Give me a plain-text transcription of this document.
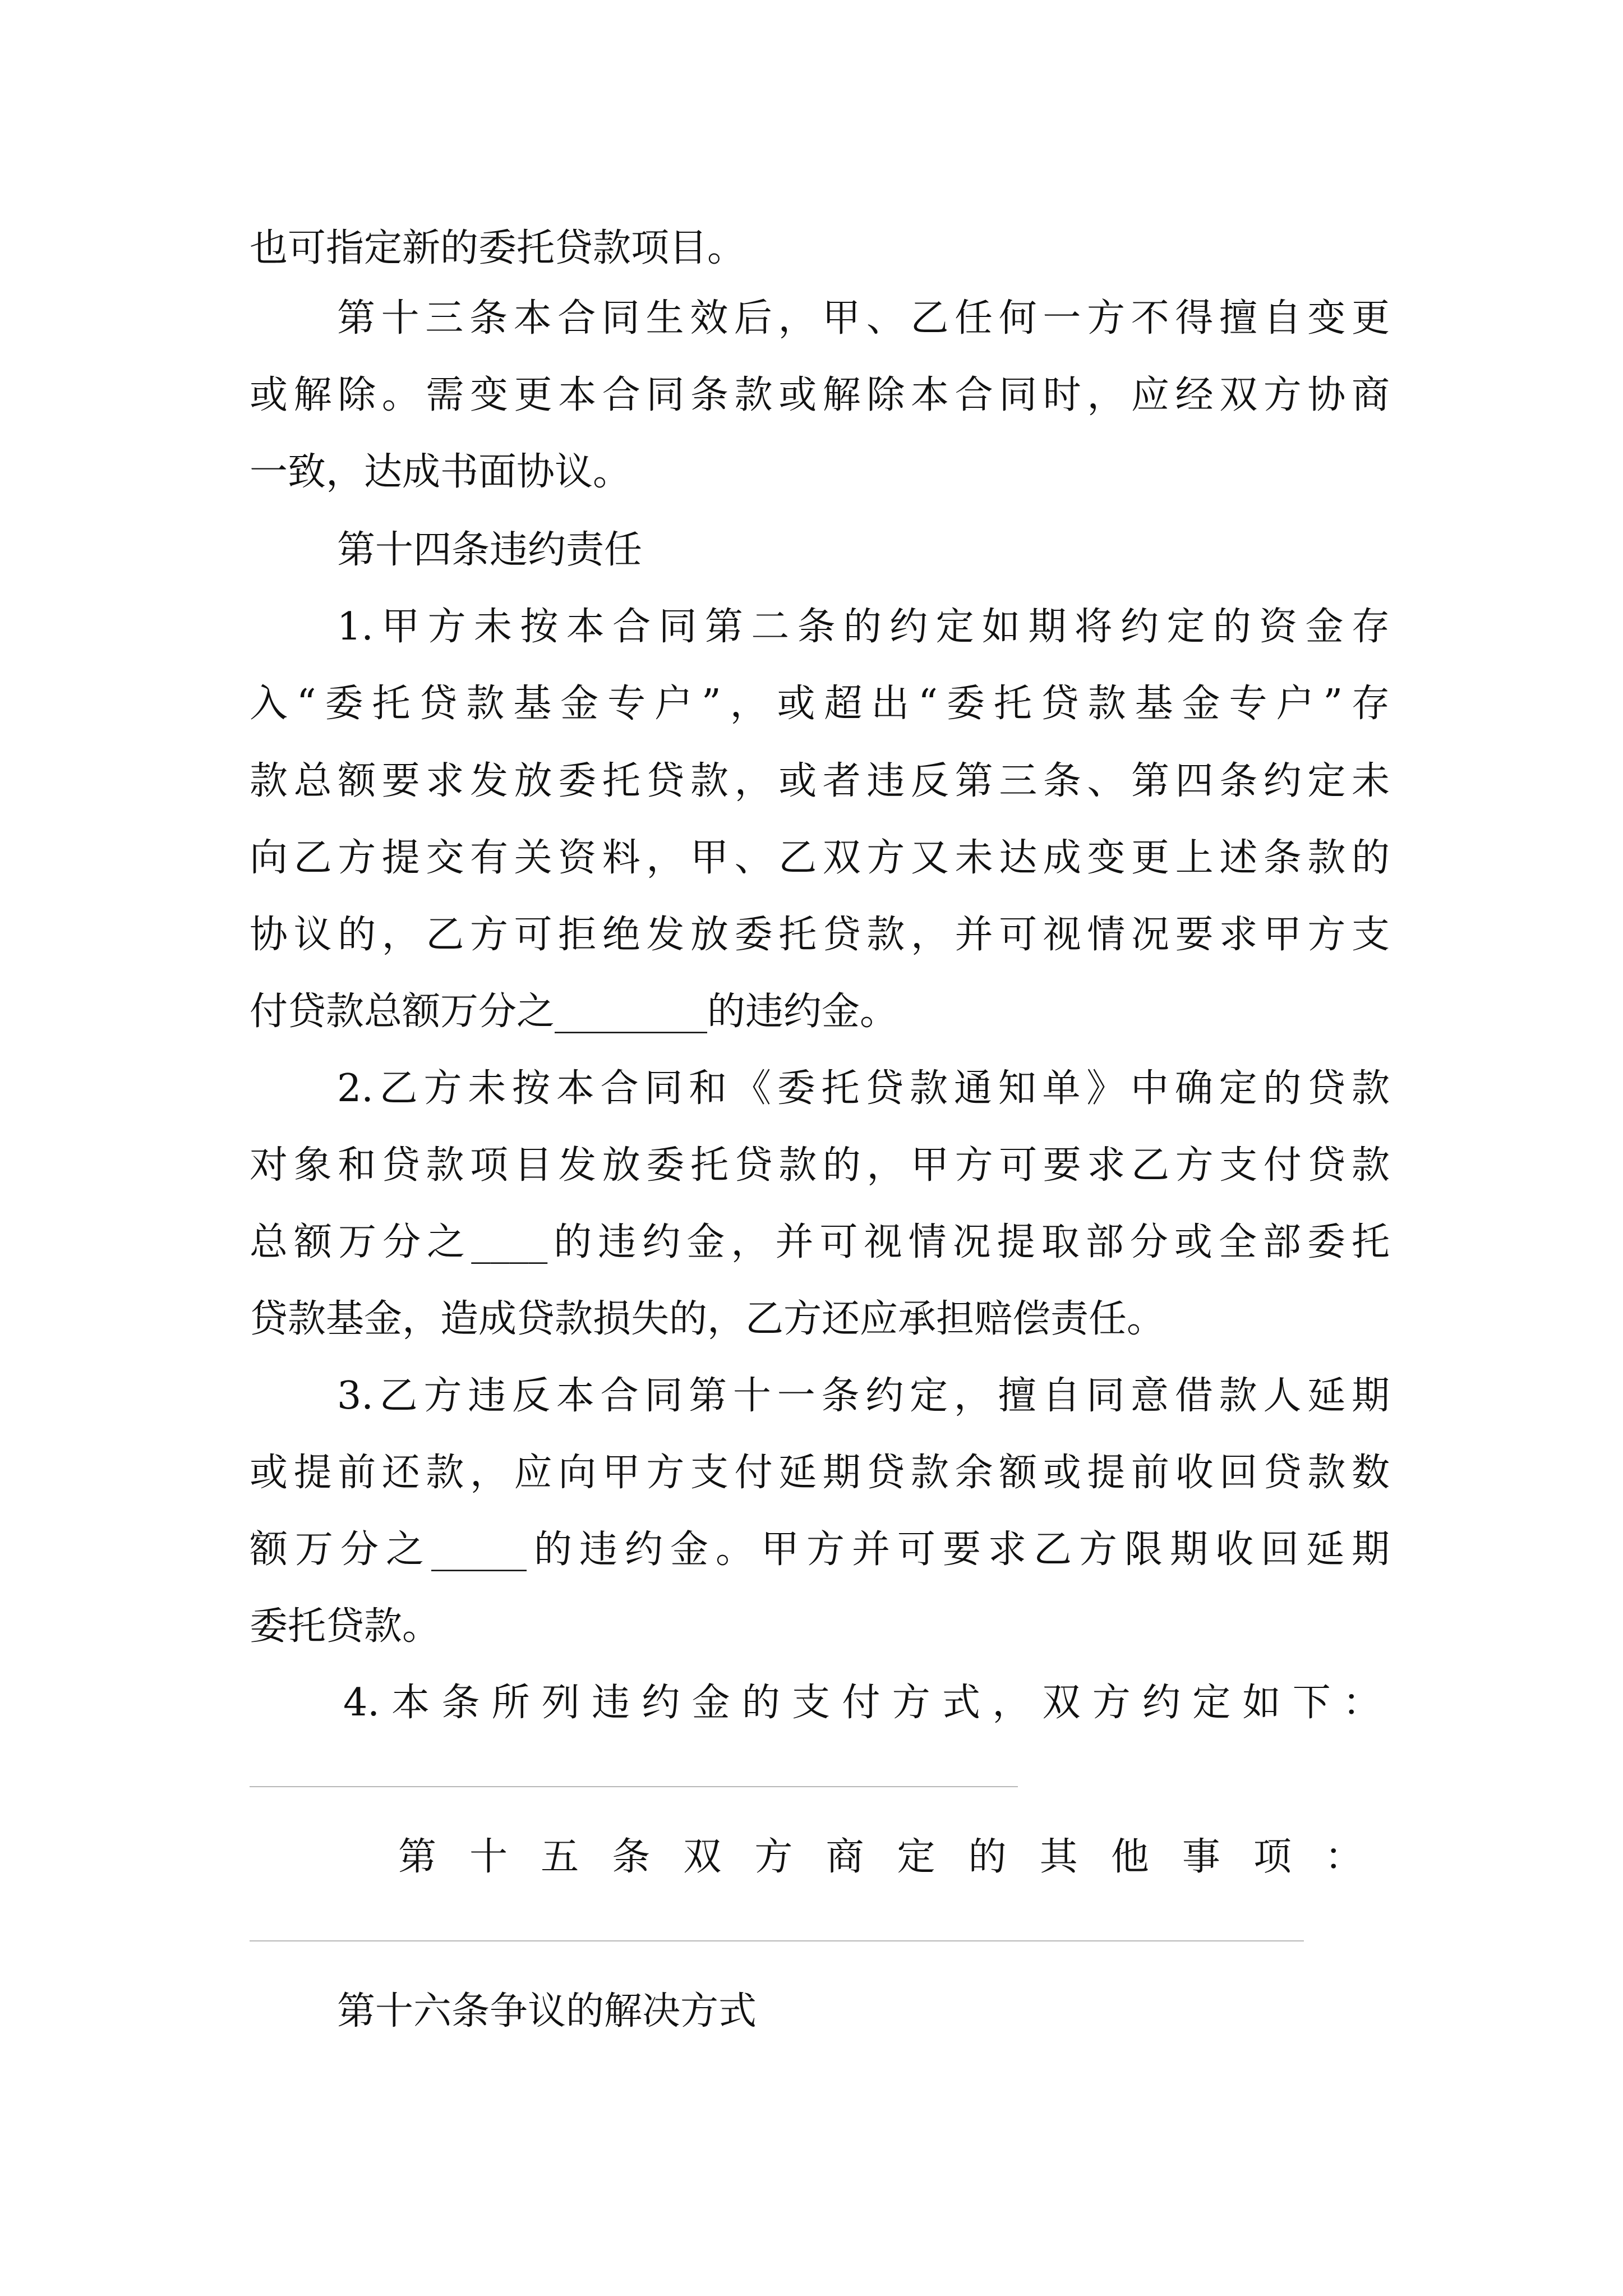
也可指定新的委托贷款项目。
第十三条本合同生效后，甲、乙任何一方不得擅自变更
或解除。需变更本合同条款或解除本合同时，应经双方协商
一致，达成书面协议。
第十四条违约责任
1.甲方未按本合同第二条的约定如期将约定的资金存
入“委托贷款基金专户”，或超出“委托贷款基金专户”存
款总额要求发放委托贷款，或者违反第三条、第四条约定未
向乙方提交有关资料，甲、乙双方又未达成变更上述条款的
协议的，乙方可拒绝发放委托贷款，并可视情况要求甲方支
付贷款总额万分之________的违约金。
2.乙方未按本合同和《委托贷款通知单》中确定的贷款
对象和贷款项目发放委托贷款的，甲方可要求乙方支付贷款
总额万分之____的违约金，并可视情况提取部分或全部委托
贷款基金，造成贷款损失的，乙方还应承担赔偿责任。
3.乙方违反本合同第十一条约定，擅自同意借款人延期
或提前还款，应向甲方支付延期贷款余额或提前收回贷款数
额万分之_____的违约金。甲方并可要求乙方限期收回延期
委托贷款。
4.本条所列违约金的支付方式，双方约定如下：
第十五条双方商定的其他事项：
第十六条争议的解决方式
